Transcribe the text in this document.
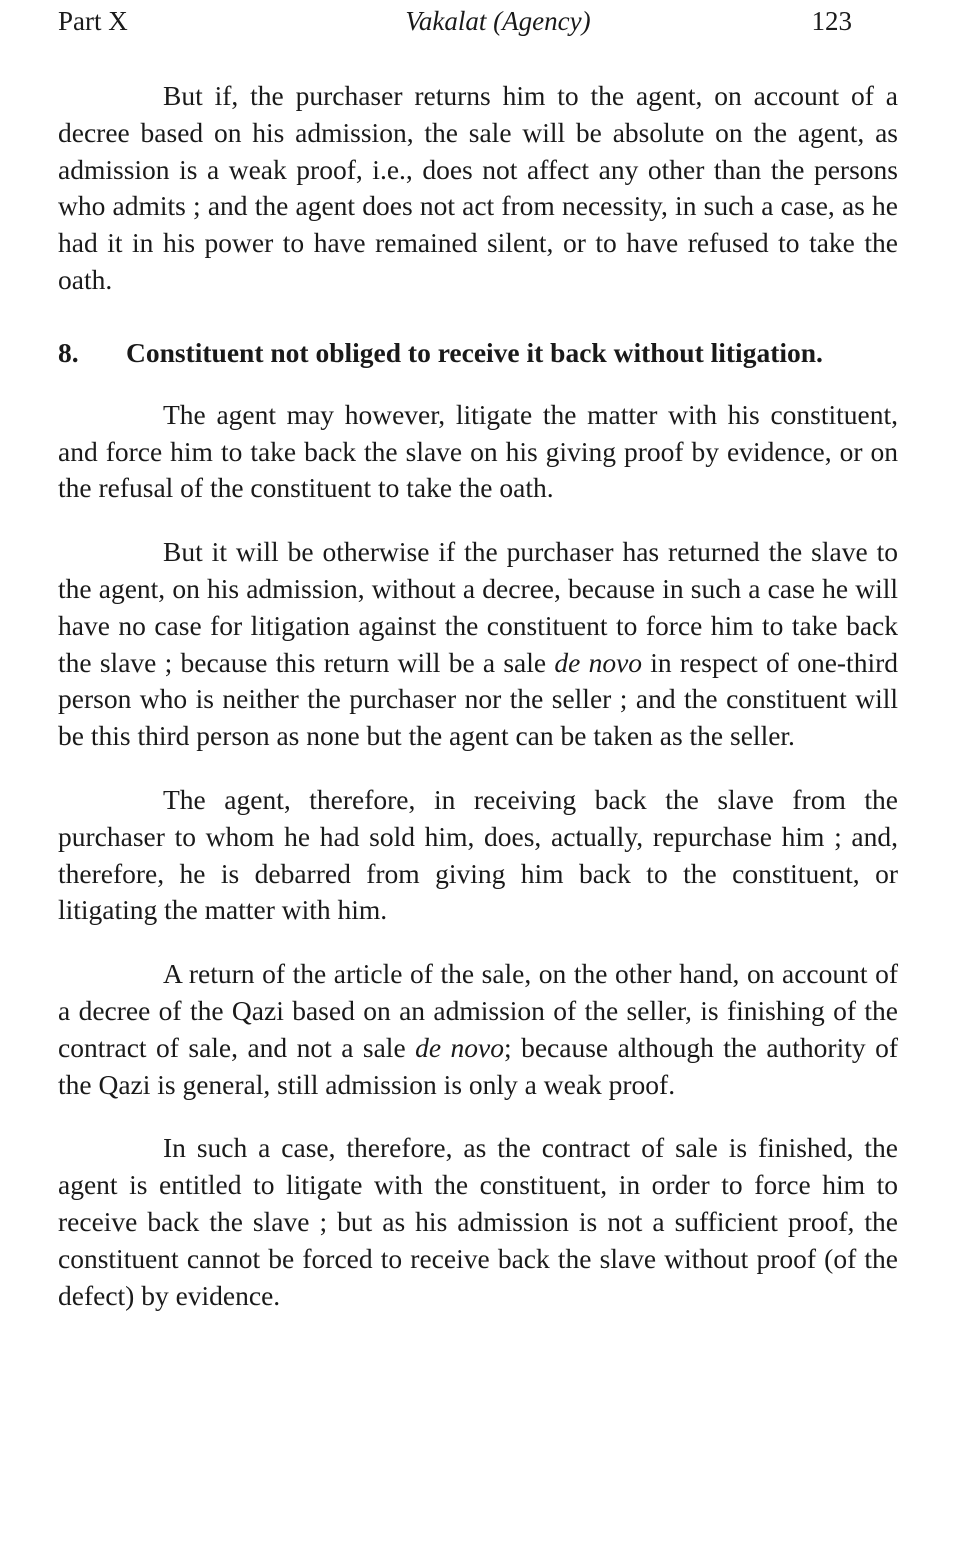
Part X	Vakalat (Agency)	123

But if, the purchaser returns him to the agent, on account of a decree based on his admission, the sale will be absolute on the agent, as admission is a weak proof, i.e., does not affect any other than the persons who admits ; and the agent does not act from necessity, in such a case, as he had it in his power to have remained silent, or to have refused to take the oath.

8. Constituent not obliged to receive it back without litigation.

The agent may however, litigate the matter with his constituent, and force him to take back the slave on his giving proof by evidence, or on the refusal of the constituent to take the oath.

But it will be otherwise if the purchaser has returned the slave to the agent, on his admission, without a decree, because in such a case he will have no case for litigation against the constituent to force him to take back the slave ; because this return will be a sale de novo in respect of one-third person who is neither the purchaser nor the seller ; and the constituent will be this third person as none but the agent can be taken as the seller.

The agent, therefore, in receiving back the slave from the purchaser to whom he had sold him, does, actually, repurchase him ; and, therefore, he is debarred from giving him back to the constituent, or litigating the matter with him.

A return of the article of the sale, on the other hand, on account of a decree of the Qazi based on an admission of the seller, is finishing of the contract of sale, and not a sale de novo; because although the authority of the Qazi is general, still admission is only a weak proof.

In such a case, therefore, as the contract of sale is finished, the agent is entitled to litigate with the constituent, in order to force him to receive back the slave ; but as his admission is not a sufficient proof, the constituent cannot be forced to receive back the slave without proof (of the defect) by evidence.
